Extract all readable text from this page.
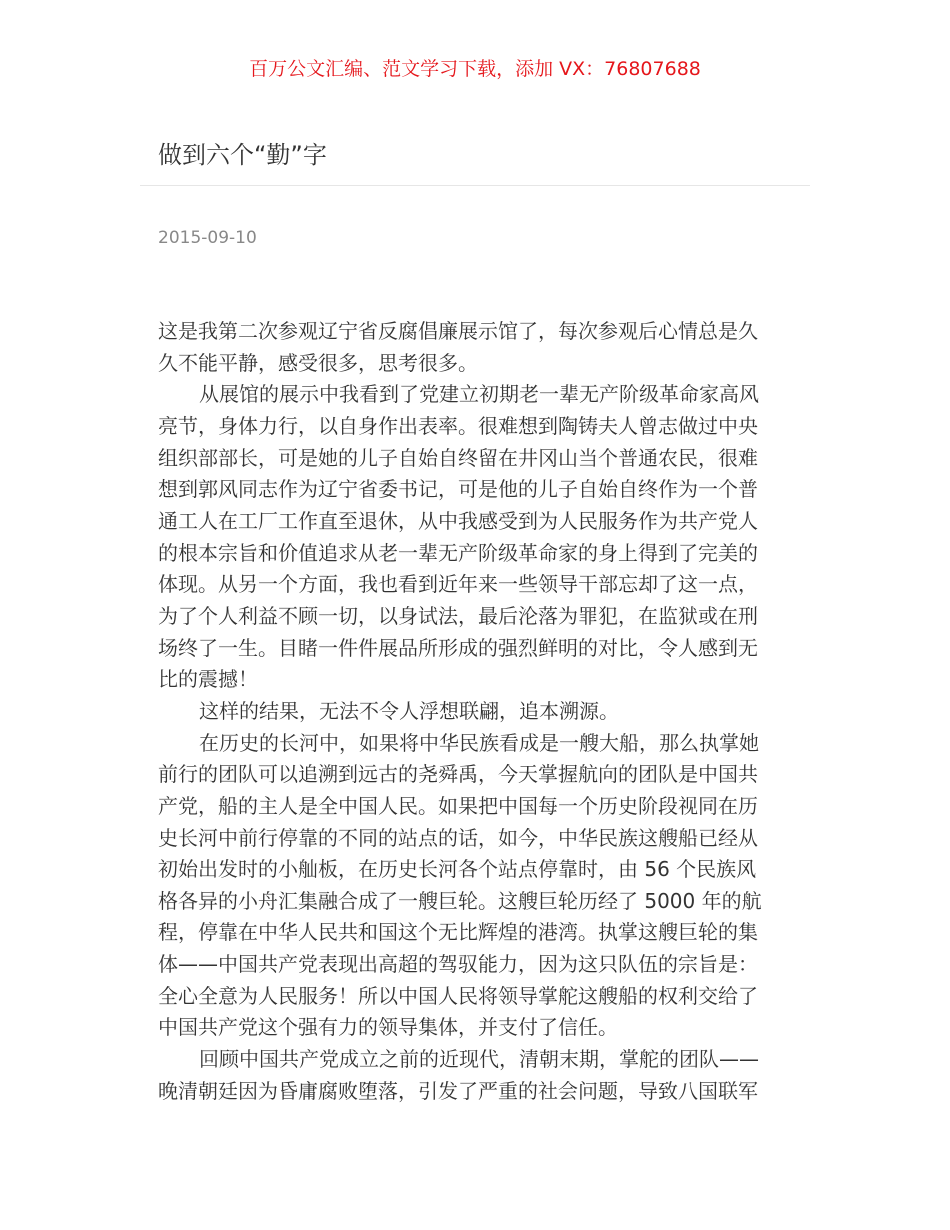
百万公文汇编、范文学习下载，添加 VX：76807688
做到六个“勤”字
2015-09-10
这是我第二次参观辽宁省反腐倡廉展示馆了，每次参观后心情总是久
久不能平静，感受很多，思考很多。
从展馆的展示中我看到了党建立初期老一辈无产阶级革命家高风
亮节，身体力行，以自身作出表率。很难想到陶铸夫人曾志做过中央
组织部部长，可是她的儿子自始自终留在井冈山当个普通农民，很难
想到郭风同志作为辽宁省委书记，可是他的儿子自始自终作为一个普
通工人在工厂工作直至退休，从中我感受到为人民服务作为共产党人
的根本宗旨和价值追求从老一辈无产阶级革命家的身上得到了完美的
体现。从另一个方面，我也看到近年来一些领导干部忘却了这一点，
为了个人利益不顾一切，以身试法，最后沦落为罪犯，在监狱或在刑
场终了一生。目睹一件件展品所形成的强烈鲜明的对比，令人感到无
比的震撼！
这样的结果，无法不令人浮想联翩，追本溯源。
在历史的长河中，如果将中华民族看成是一艘大船，那么执掌她
前行的团队可以追溯到远古的尧舜禹，今天掌握航向的团队是中国共
产党，船的主人是全中国人民。如果把中国每一个历史阶段视同在历
史长河中前行停靠的不同的站点的话，如今，中华民族这艘船已经从
初始出发时的小舢板，在历史长河各个站点停靠时，由 56 个民族风
格各异的小舟汇集融合成了一艘巨轮。这艘巨轮历经了 5000 年的航
程，停靠在中华人民共和国这个无比辉煌的港湾。执掌这艘巨轮的集
体——中国共产党表现出高超的驾驭能力，因为这只队伍的宗旨是：
全心全意为人民服务！所以中国人民将领导掌舵这艘船的权利交给了
中国共产党这个强有力的领导集体，并支付了信任。
回顾中国共产党成立之前的近现代，清朝末期，掌舵的团队——
晚清朝廷因为昏庸腐败堕落，引发了严重的社会问题，导致八国联军
